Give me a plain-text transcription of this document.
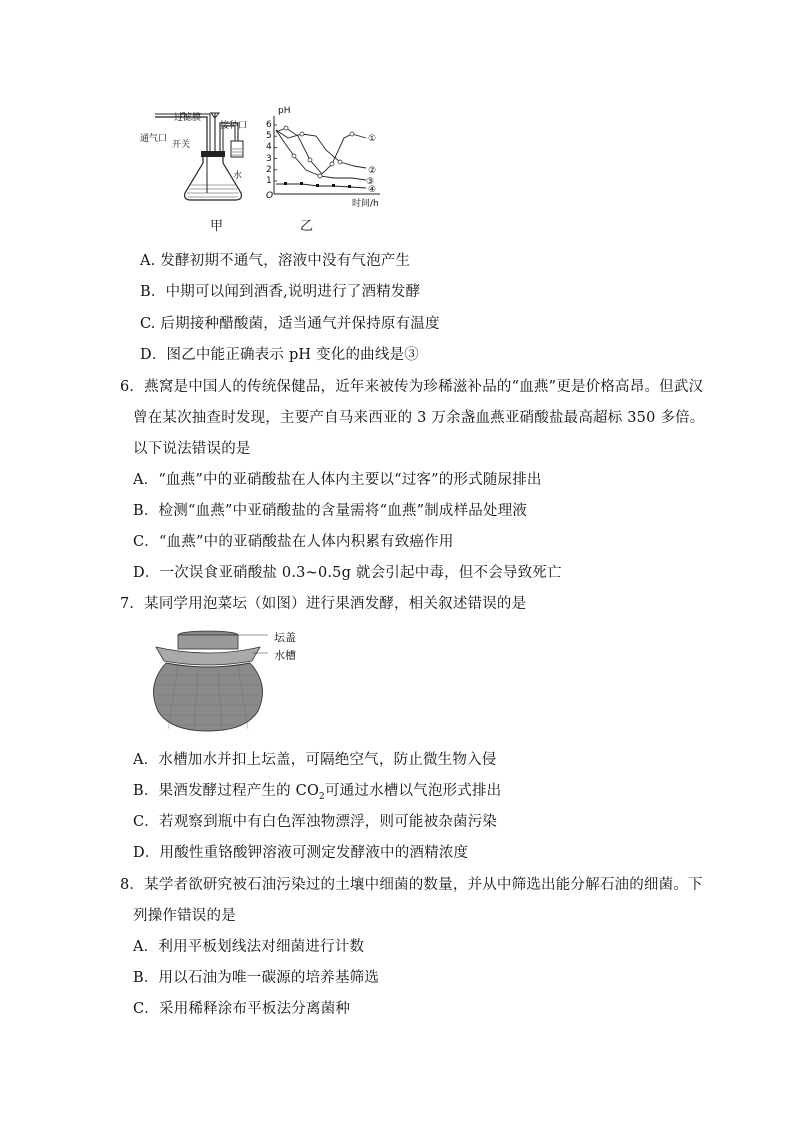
过滤膜
通气口
开关
接种口
水
甲
pH
6
5
4
3
2
1
O
时间/h
①
②
③
④
乙
A. 发酵初期不通气，溶液中没有气泡产生
B．中期可以闻到酒香,说明进行了酒精发酵
C. 后期接种醋酸菌，适当通气并保持原有温度
D．图乙中能正确表示 pH 变化的曲线是③
6．燕窝是中国人的传统保健品，近年来被传为珍稀滋补品的“血燕”更是价格高昂。但武汉
曾在某次抽查时发现，主要产自马来西亚的 3 万余盏血燕亚硝酸盐最高超标 350 多倍。
以下说法错误的是
A．“血燕”中的亚硝酸盐在人体内主要以“过客”的形式随尿排出
B．检测“血燕”中亚硝酸盐的含量需将“血燕”制成样品处理液
C．“血燕”中的亚硝酸盐在人体内积累有致癌作用
D．一次误食亚硝酸盐 0.3~0.5g 就会引起中毒，但不会导致死亡
7．某同学用泡菜坛（如图）进行果酒发酵，相关叙述错误的是
坛盖
水槽
A．水槽加水并扣上坛盖，可隔绝空气，防止微生物入侵
B．果酒发酵过程产生的 $CO_2$可通过水槽以气泡形式排出
C．若观察到瓶中有白色浑浊物漂浮，则可能被杂菌污染
D．用酸性重铬酸钾溶液可测定发酵液中的酒精浓度
8．某学者欲研究被石油污染过的土壤中细菌的数量，并从中筛选出能分解石油的细菌。下
列操作错误的是
A．利用平板划线法对细菌进行计数
B．用以石油为唯一碳源的培养基筛选
C．采用稀释涂布平板法分离菌种
